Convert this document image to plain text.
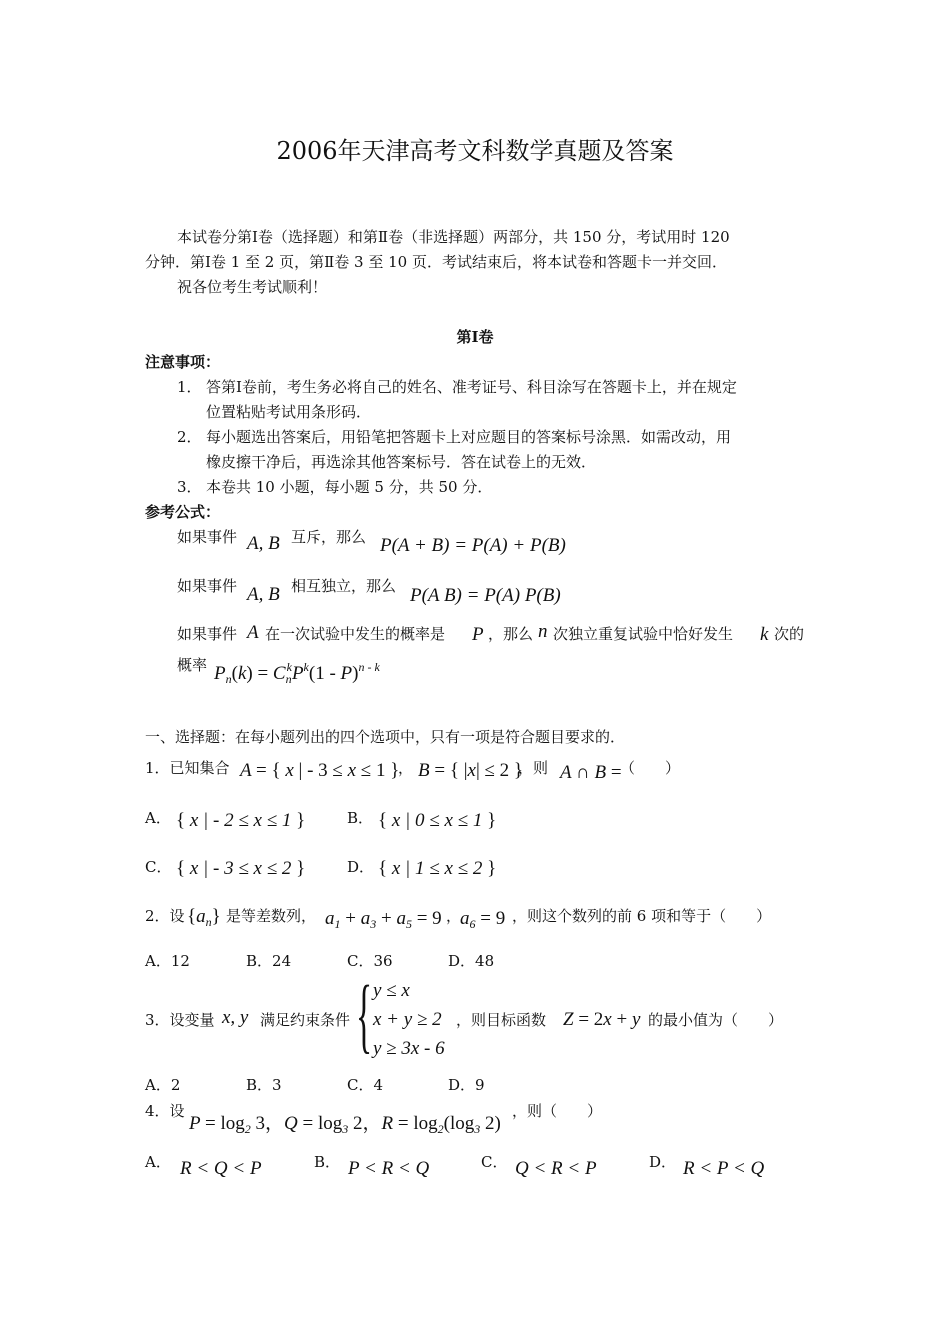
2006年天津高考文科数学真题及答案
本试卷分第Ⅰ卷（选择题）和第Ⅱ卷（非选择题）两部分，共 150 分，考试用时 120
分钟．第Ⅰ卷 1 至 2 页，第Ⅱ卷 3 至 10 页．考试结束后，将本试卷和答题卡一并交回．
祝各位考生考试顺利！
第Ⅰ卷
注意事项：
1． 答第Ⅰ卷前，考生务必将自己的姓名、准考证号、科目涂写在答题卡上，并在规定
位置粘贴考试用条形码．
2． 每小题选出答案后，用铅笔把答题卡上对应题目的答案标号涂黑．如需改动，用
橡皮擦干净后，再选涂其他答案标号．答在试卷上的无效．
3． 本卷共 10 小题，每小题 5 分，共 50 分．
参考公式：
如果事件 A, B 互斥，那么 P(A + B) = P(A) + P(B)
如果事件 A, B 相互独立，那么 P(A B) = P(A) P(B)
如果事件 A 在一次试验中发生的概率是 P ，那么 n 次独立重复试验中恰好发生 k 次的
概率 $P_n(k) = C_n^kP^k(1 - P)^{n - k}$
一、选择题：在每小题列出的四个选项中，只有一项是符合题目要求的．
1．已知集合 A = { x | - 3 ≤ x ≤ 1 }
， B = { |x| ≤ 2 }
，则 A ∩ B =
（　　）
A． { x | - 2 ≤ x ≤ 1 }	B． { x | 0 ≤ x ≤ 1 }
C． { x | - 3 ≤ x ≤ 2 }	D． { x | 1 ≤ x ≤ 2 }
2．设 $\{a_n\}$ 是等差数列， $a_1 + a_3 + a_5 = 9$ ，
$a_6 = 9$ ，则这个数列的前 6 项和等于（　　）
A．12	B．24	C．36	D．48
3．设变量 x, y 满足约束条件 { y ≤ x
x + y ≥ 2
y ≥ 3x - 6
，则目标函数 Z = 2x + y 的最小值为（　　）
A．2	B．3	C．4	D．9
4．设
$P = \log_2 3$，$Q = \log_3 2$，$R = \log_2(\log_3$ 2)
，则（　　）
A． R < Q < P	B． P < R < Q	C． Q < R < P	D． R < P < Q
